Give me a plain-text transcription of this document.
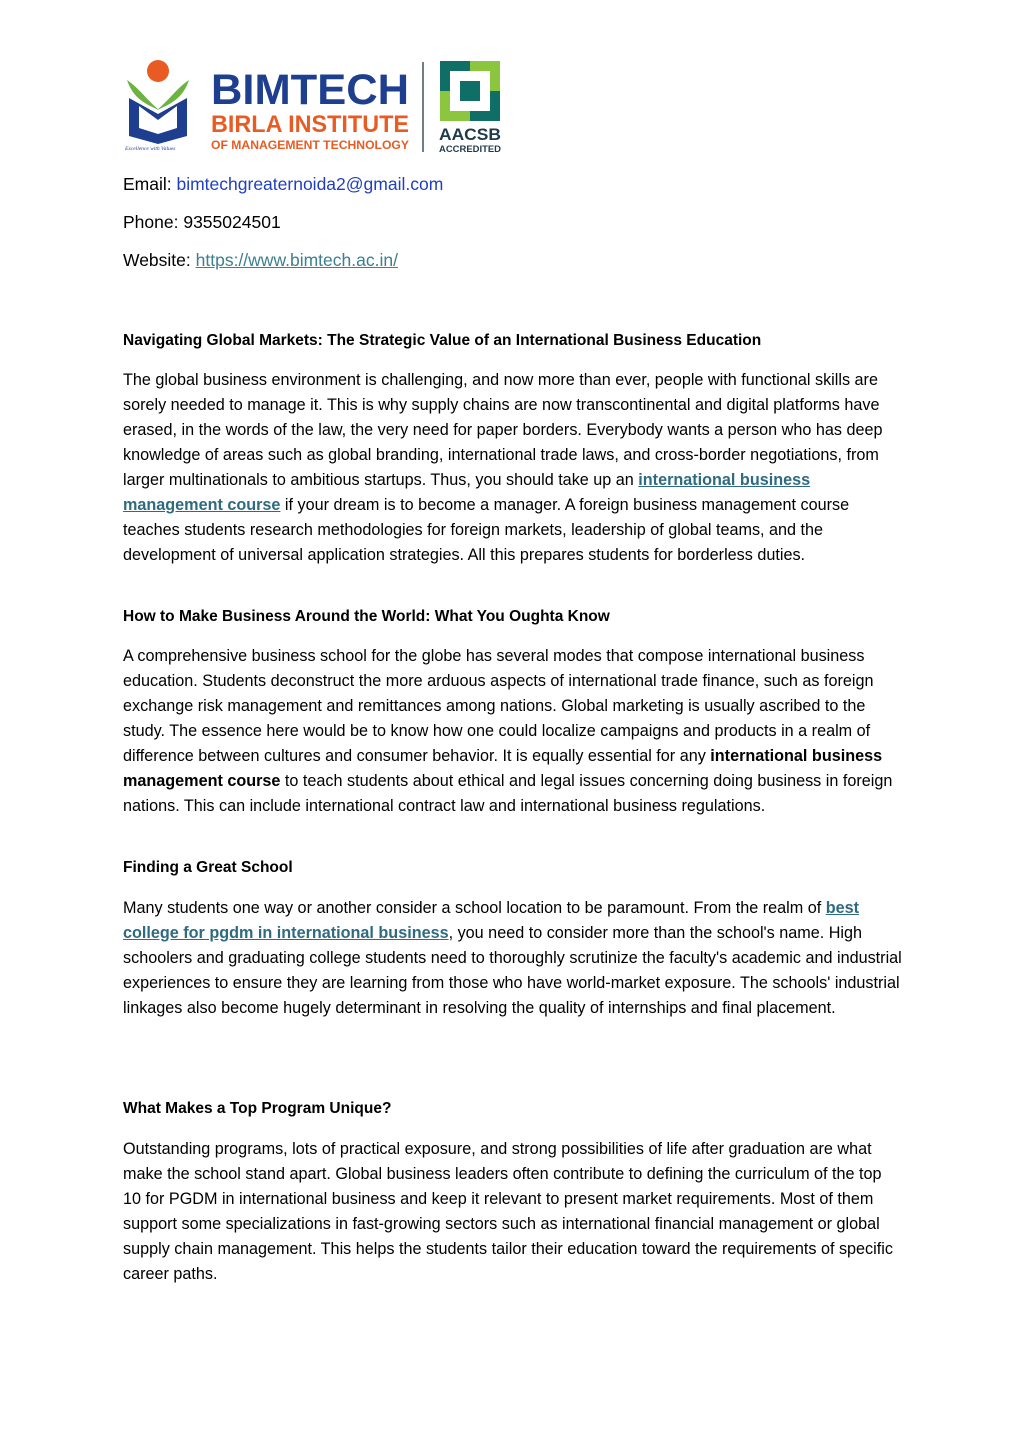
Excellence with Values
BIMTECH
BIRLA INSTITUTE
OF MANAGEMENT TECHNOLOGY
AACSB
ACCREDITED
Email: bimtechgreaternoida2@gmail.com
Phone: 9355024501
Website: https://www.bimtech.ac.in/
Navigating Global Markets: The Strategic Value of an International Business Education

The global business environment is challenging, and now more than ever, people with functional skills are sorely needed to manage it. This is why supply chains are now transcontinental and digital platforms have erased, in the words of the law, the very need for paper borders. Everybody wants a person who has deep knowledge of areas such as global branding, international trade laws, and cross-border negotiations, from larger multinationals to ambitious startups. Thus, you should take up an international business management course if your dream is to become a manager. A foreign business management course teaches students research methodologies for foreign markets, leadership of global teams, and the development of universal application strategies. All this prepares students for borderless duties.

How to Make Business Around the World: What You Oughta Know

A comprehensive business school for the globe has several modes that compose international business education. Students deconstruct the more arduous aspects of international trade finance, such as foreign exchange risk management and remittances among nations. Global marketing is usually ascribed to the study. The essence here would be to know how one could localize campaigns and products in a realm of difference between cultures and consumer behavior. It is equally essential for any international business management course to teach students about ethical and legal issues concerning doing business in foreign nations. This can include international contract law and international business regulations.

Finding a Great School

Many students one way or another consider a school location to be paramount. From the realm of best college for pgdm in international business, you need to consider more than the school's name. High schoolers and graduating college students need to thoroughly scrutinize the faculty's academic and industrial experiences to ensure they are learning from those who have world-market exposure. The schools' industrial linkages also become hugely determinant in resolving the quality of internships and final placement.

What Makes a Top Program Unique?

Outstanding programs, lots of practical exposure, and strong possibilities of life after graduation are what make the school stand apart. Global business leaders often contribute to defining the curriculum of the top 10 for PGDM in international business and keep it relevant to present market requirements. Most of them support some specializations in fast-growing sectors such as international financial management or global supply chain management. This helps the students tailor their education toward the requirements of specific career paths.
